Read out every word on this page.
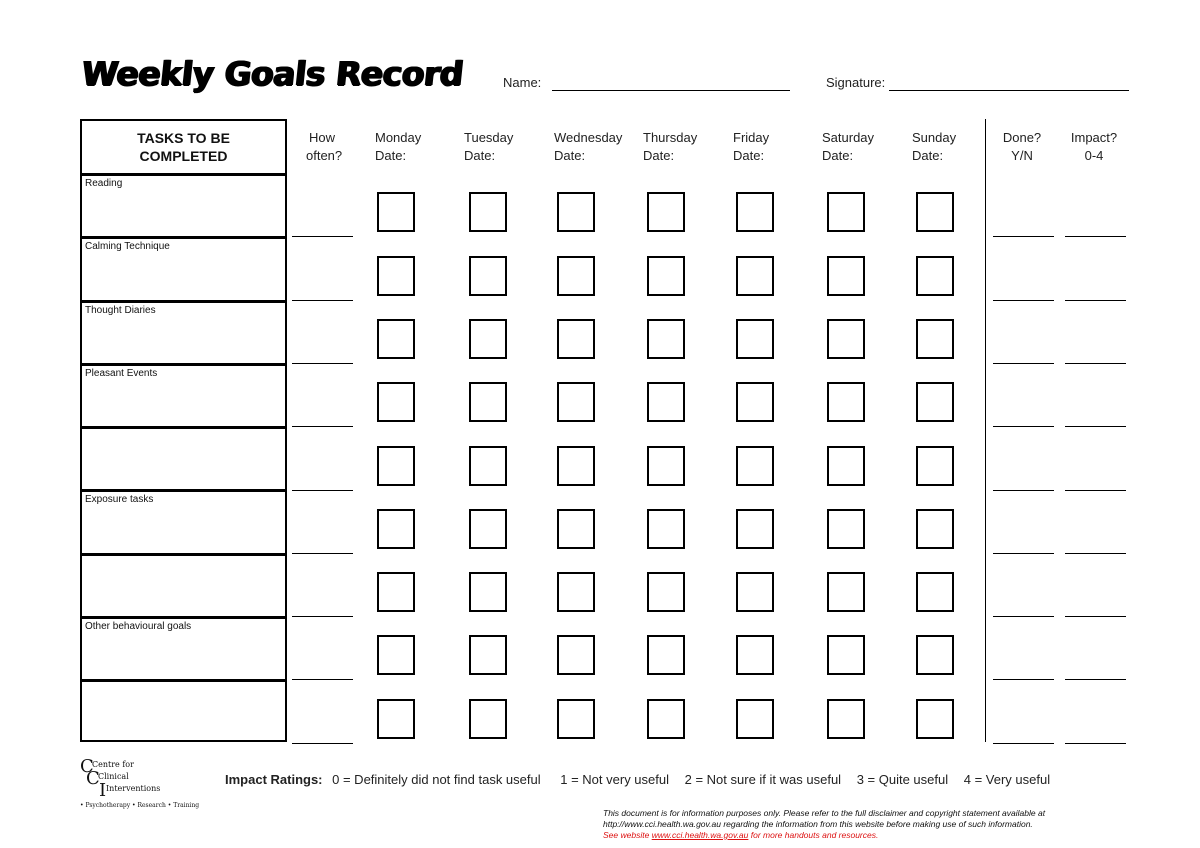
Weekly Goals Record	Name:	Signature:
TASKS TO BE
COMPLETED
Reading
Calming Technique
Thought Diaries
Pleasant Events
Exposure tasks
Other behavioural goals
How
often?
Monday
Date:
Tuesday
Date:
Wednesday
Date:
Thursday
Date:
Friday
Date:
Saturday
Date:
Sunday
Date:
Done?
Y/N
Impact?
0-4
C
Centre for
C
Clinical
I Interventions
• Psychotherapy • Research • Training
Impact Ratings: 0 = Definitely did not find task useful 1 = Not very useful 2 = Not sure if it was useful 3 = Quite useful 4 = Very useful
This document is for information purposes only. Please refer to the full disclaimer and copyright statement available at
http://www.cci.health.wa.gov.au regarding the information from this website before making use of such information.
See website www.cci.health.wa.gov.au for more handouts and resources.
